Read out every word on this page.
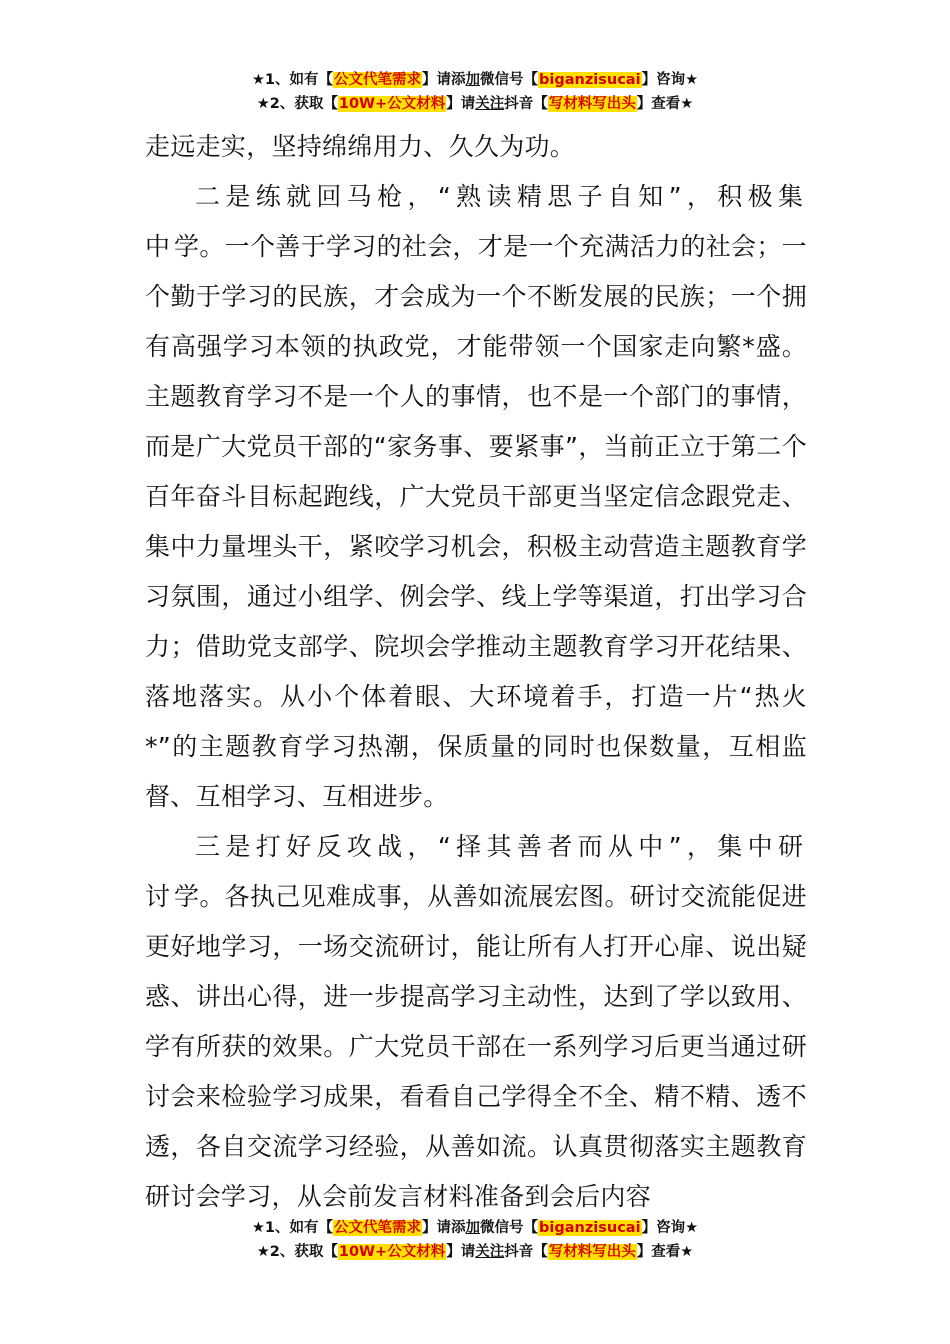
★1、如有【公文代笔需求】请添加微信号【biganzisucai】咨询★
★2、获取【10W+公文材料】请关注抖音【写材料写出头】查看★

走远走实，坚持绵绵用力、久久为功。

二是练就回马枪，“熟读精思子自知”，积极集中学。一个善于学习的社会，才是一个充满活力的社会；一个勤于学习的民族，才会成为一个不断发展的民族；一个拥有高强学习本领的执政党，才能带领一个国家走向繁*盛。主题教育学习不是一个人的事情，也不是一个部门的事情，而是广大党员干部的“家务事、要紧事”，当前正立于第二个百年奋斗目标起跑线，广大党员干部更当坚定信念跟党走、集中力量埋头干，紧咬学习机会，积极主动营造主题教育学习氛围，通过小组学、例会学、线上学等渠道，打出学习合力；借助党支部学、院坝会学推动主题教育学习开花结果、落地落实。从小个体着眼、大环境着手，打造一片“热火*”的主题教育学习热潮，保质量的同时也保数量，互相监督、互相学习、互相进步。

三是打好反攻战，“择其善者而从中”，集中研讨学。各执己见难成事，从善如流展宏图。研讨交流能促进更好地学习，一场交流研讨，能让所有人打开心扉、说出疑惑、讲出心得，进一步提高学习主动性，达到了学以致用、学有所获的效果。广大党员干部在一系列学习后更当通过研讨会来检验学习成果，看看自己学得全不全、精不精、透不透，各自交流学习经验，从善如流。认真贯彻落实主题教育研讨会学习，从会前发言材料准备到会后内容

★1、如有【公文代笔需求】请添加微信号【biganzisucai】咨询★
★2、获取【10W+公文材料】请关注抖音【写材料写出头】查看★
